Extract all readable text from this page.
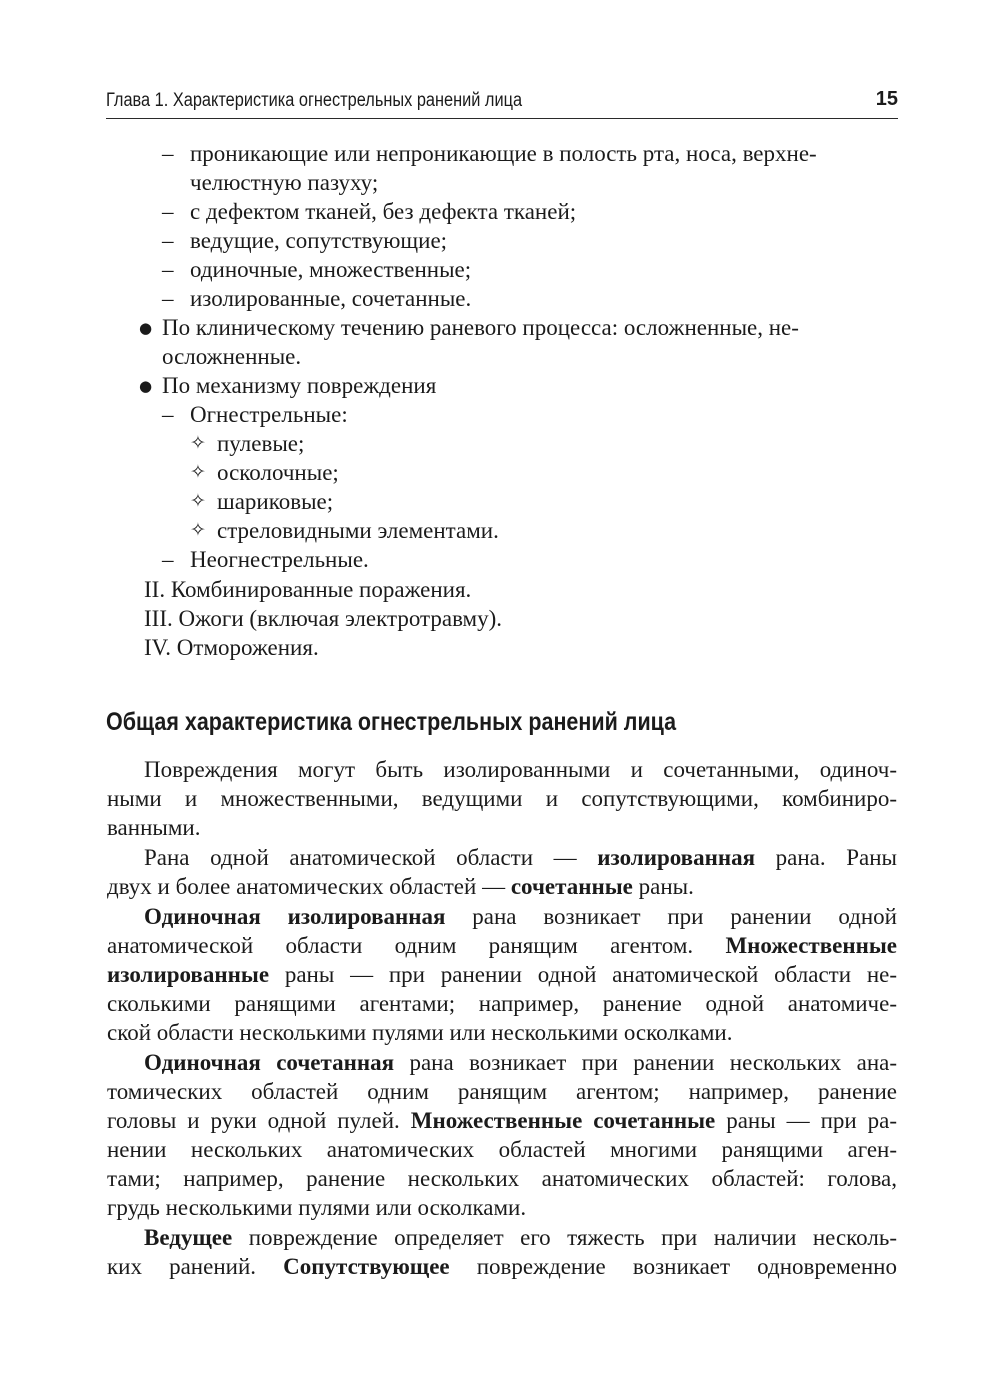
Глава 1. Характеристика огнестрельных ранений лица	15
– проникающие или непроникающие в полость рта, носа, верхне-
челюстную пазуху;
– с дефектом тканей, без дефекта тканей;
– ведущие, сопутствующие;
– одиночные, множественные;
– изолированные, сочетанные.
● По клиническому течению раневого процесса: осложненные, не-
осложненные.
● По механизму повреждения
– Огнестрельные:
✧ пулевые;
✧ осколочные;
✧ шариковые;
✧ стреловидными элементами.
– Неогнестрельные.
II. Комбинированные поражения.
III. Ожоги (включая электротравму).
IV. Отморожения.
Общая характеристика огнестрельных ранений лица
Повреждения могут быть изолированными и сочетанными, одиноч-
ными и множественными, ведущими и сопутствующими, комбиниро-
ванными.
Рана одной анатомической области — изолированная рана. Раны
двух и более анатомических областей — сочетанные раны.
Одиночная изолированная рана возникает при ранении одной
анатомической области одним ранящим агентом. Множественные
изолированные раны — при ранении одной анатомической области не-
сколькими ранящими агентами; например, ранение одной анатомиче-
ской области несколькими пулями или несколькими осколками.
Одиночная сочетанная рана возникает при ранении нескольких ана-
томических областей одним ранящим агентом; например, ранение
головы и руки одной пулей. Множественные сочетанные раны — при ра-
нении нескольких анатомических областей многими ранящими аген-
тами; например, ранение нескольких анатомических областей: голова,
грудь несколькими пулями или осколками.
Ведущее повреждение определяет его тяжесть при наличии несколь-
ких ранений. Сопутствующее повреждение возникает одновременно
